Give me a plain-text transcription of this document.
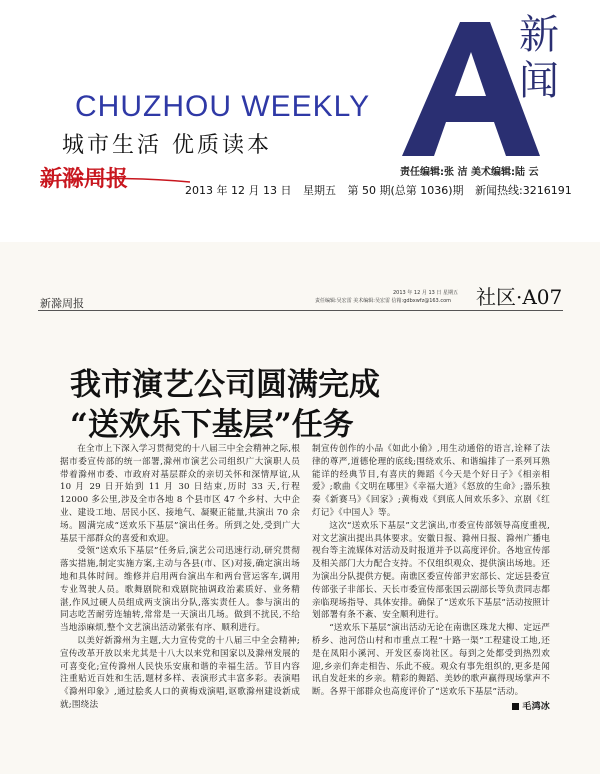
CHUZHOU WEEKLY
城市生活 优质读本
新闻
责任编辑:张 洁 美术编辑:陆 云
新滁周报	2013 年 12 月 13 日 星期五 第 50 期(总第 1036)期 新闻热线:3216191
新滁周报
2013 年 12 月 13 日 星期五
责任编辑:吴宏雷 美术编辑:吴宏雷 信箱:gdbxwfz@163.com	社区·A07
我市演艺公司圆满完成
“送欢乐下基层”任务

在全市上下深入学习贯彻党的十八届三中全会精神之际,根据市委宣传部的统一部署,滁州市演艺公司组织广大演职人员带着滁州市委、市政府对基层群众的亲切关怀和深情厚谊,从 10 月 29 日开始到 11 月 30 日结束,历时 33 天,行程 12000 多公里,涉及全市各地 8 个县市区 47 个乡村、大中企业、建设工地、居民小区、接地气、凝聚正能量,共演出 70 余场。圆满完成“送欢乐下基层”演出任务。所到之处,受到广大基层干部群众的喜爱和欢迎。

受领“送欢乐下基层”任务后,演艺公司迅速行动,研究贯彻落实措施,制定实施方案,主动与各县(市、区)对接,确定演出场地和具体时间。维修并启用两台演出车和两台营运客车,调用专业驾驶人员。歌舞剧院和戏剧院抽调政治素质好、业务精湛,作风过硬人员组成两支演出分队,落实责任人。参与演出的同志吃苦耐劳连轴转,常常是一天演出几场。做到不扰民,不给当地添麻烦,整个文艺演出活动紧张有序、顺利进行。

以美好新滁州为主题,大力宣传党的十八届三中全会精神;宣传改革开放以来尤其是十八大以来党和国家以及滁州发展的可喜变化;宣传滁州人民快乐安康和谐的幸福生活。节目内容注重贴近百姓和生活,题材多样、表演形式丰富多彩。表演唱《滁州印象》,通过脍炙人口的黄梅戏演唱,讴歌滁州建设新成就;围绕法

制宣传创作的小品《如此小偷》,用生动通俗的语言,诠释了法律的尊严,道德伦理的底线;围绕欢乐、和谐编排了一系列耳熟能详的经典节目,有喜庆的舞蹈《今天是个好日子》《相亲相爱》;歌曲《文明在哪里》《幸福大道》《怒放的生命》;器乐独奏《新赛马》《回家》;黄梅戏《到底人间欢乐多》、京剧《红灯记》《中国人》等。

这次“送欢乐下基层”文艺演出,市委宣传部领导高度重视,对文艺演出提出具体要求。安徽日报、滁州日报、滁州广播电视台等主流媒体对活动及时报道并予以高度评价。各地宣传部及相关部门大力配合支持。不仅组织观众、提供演出场地。还为演出分队提供方便。南谯区委宣传部尹宏部长、定远县委宣传部张子非部长、天长市委宣传部张国云副部长等负责同志都亲临现场指导、具体安排。确保了“送欢乐下基层”活动按照计划部署有条不紊、安全顺利进行。

“送欢乐下基层”演出活动无论在南谯区珠龙大柳、定远严桥乡、池河岱山村和市重点工程“十路一渠”工程建设工地,还是在凤阳小溪河、开发区泰岗社区。每到之处都受到热烈欢迎,乡亲们奔走相告、乐此不疲。观众有事先组织的,更多是闻讯自发赶来的乡亲。精彩的舞蹈、美妙的歌声赢得现场掌声不断。各界干部群众也高度评价了“送欢乐下基层”活动。

毛鸿冰
